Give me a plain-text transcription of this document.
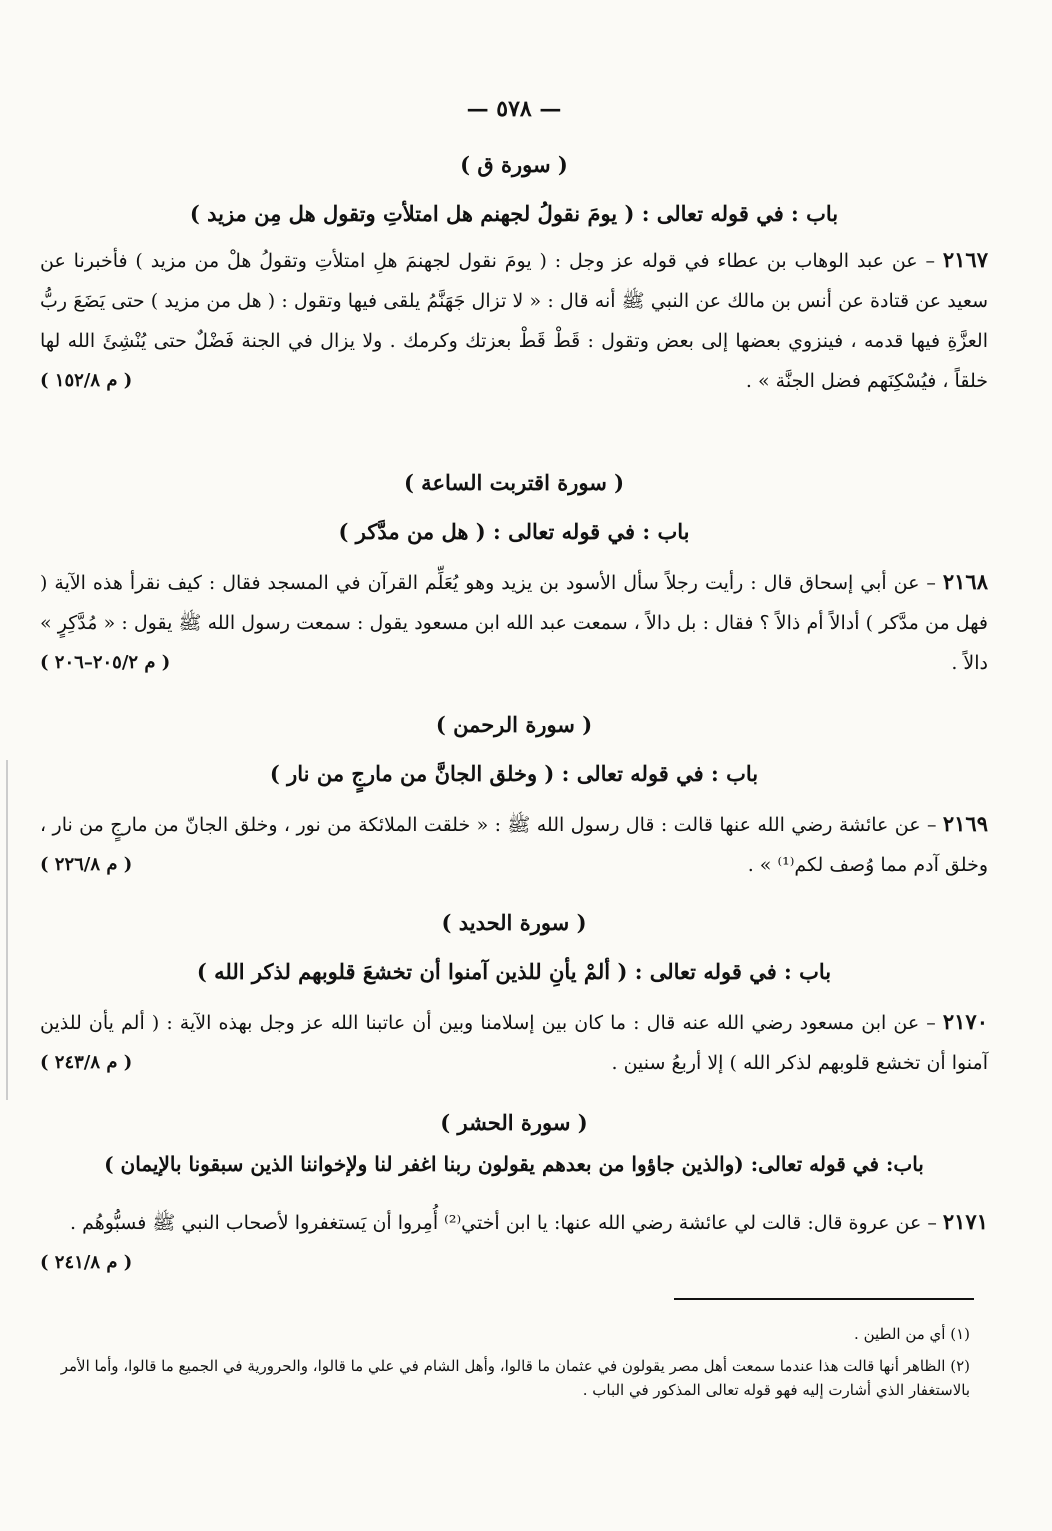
— ٥٧٨ —
( سورة ق )
باب : في قوله تعالى : ( يومَ نقولُ لجهنم هل امتلأتِ وتقول هل مِن مزيد )
٢١٦٧ – عن عبد الوهاب بن عطاء في قوله عز وجل : ( يومَ نقول لجهنمَ هلِ امتلأتِ وتقولُ هلْ من مزيد ) فأخبرنا عن سعيد عن قتادة عن أنس بن مالك عن النبي ﷺ أنه قال : « لا تزال جَهَنَّمُ يلقى فيها وتقول : ( هل من مزيد ) حتى يَضَعَ ربُّ العزَّةِ فيها قدمه ، فينزوي بعضها إلى بعض وتقول : قَطْ قَطْ بعزتك وكرمك . ولا يزال في الجنة فَضْلٌ حتى يُنْشِئَ الله لها خلقاً ، فيُسْكِنَهم فضل الجنَّة » .
( م ١٥٢/٨ )
( سورة اقتربت الساعة )
باب : في قوله تعالى : ( هل من مدَّكر )
٢١٦٨ – عن أبي إسحاق قال : رأيت رجلاً سأل الأسود بن يزيد وهو يُعَلِّم القرآن في المسجد فقال : كيف نقرأ هذه الآية ( فهل من مدَّكر ) أدالاً أم ذالاً ؟ فقال : بل دالاً ، سمعت عبد الله ابن مسعود يقول : سمعت رسول الله ﷺ يقول : « مُدَّكِرٍ » دالاً .
( م ٢٠٥/٢–٢٠٦ )
( سورة الرحمن )
باب : في قوله تعالى : ( وخلق الجانَّ من مارجٍ من نار )
٢١٦٩ – عن عائشة رضي الله عنها قالت : قال رسول الله ﷺ : « خلقت الملائكة من نور ، وخلق الجانّ من مارجٍ من نار ، وخلق آدم مما وُصف لكم⁽¹⁾ » .
( م ٢٢٦/٨ )
( سورة الحديد )
باب : في قوله تعالى : ( ألمْ يأنِ للذين آمنوا أن تخشعَ قلوبهم لذكر الله )
٢١٧٠ – عن ابن مسعود رضي الله عنه قال : ما كان بين إسلامنا وبين أن عاتبنا الله عز وجل بهذه الآية : ( ألم يأن للذين آمنوا أن تخشع قلوبهم لذكر الله ) إلا أربعُ سنين .
( م ٢٤٣/٨ )
( سورة الحشر )
باب: في قوله تعالى: (والذين جاؤوا من بعدهم يقولون ربنا اغفر لنا ولإخواننا الذين سبقونا بالإيمان )
٢١٧١ – عن عروة قال: قالت لي عائشة رضي الله عنها: يا ابن أختي⁽²⁾ أُمِروا أن يَستغفروا لأصحاب النبي ﷺ فسبُّوهُم .
( م ٢٤١/٨ )
(١) أي من الطين .
(٢) الظاهر أنها قالت هذا عندما سمعت أهل مصر يقولون في عثمان ما قالوا، وأهل الشام في علي ما قالوا، والحرورية في الجميع ما قالوا، وأما الأمر بالاستغفار الذي أشارت إليه فهو قوله تعالى المذكور في الباب .
